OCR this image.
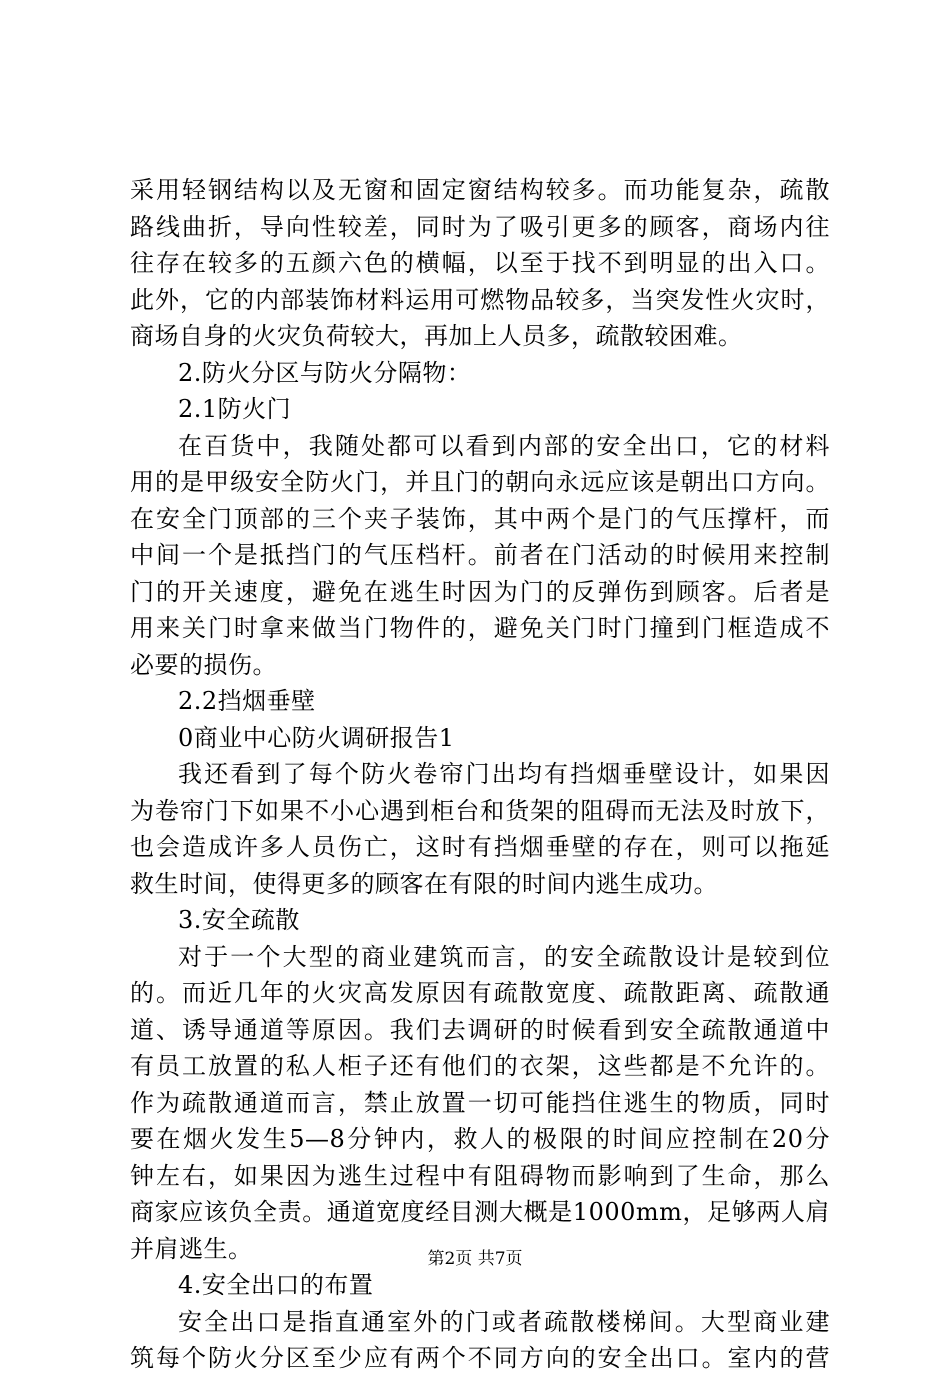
采用轻钢结构以及无窗和固定窗结构较多。而功能复杂，疏散
路线曲折，导向性较差，同时为了吸引更多的顾客，商场内往
往存在较多的五颜六色的横幅，以至于找不到明显的出入口。
此外，它的内部装饰材料运用可燃物品较多，当突发性火灾时，
商场自身的火灾负荷较大，再加上人员多，疏散较困难。
2.防火分区与防火分隔物：
2.1防火门
在百货中，我随处都可以看到内部的安全出口，它的材料
用的是甲级安全防火门，并且门的朝向永远应该是朝出口方向。
在安全门顶部的三个夹子装饰，其中两个是门的气压撑杆，而
中间一个是抵挡门的气压档杆。前者在门活动的时候用来控制
门的开关速度，避免在逃生时因为门的反弹伤到顾客。后者是
用来关门时拿来做当门物件的，避免关门时门撞到门框造成不
必要的损伤。
2.2挡烟垂壁
0商业中心防火调研报告1
我还看到了每个防火卷帘门出均有挡烟垂壁设计，如果因
为卷帘门下如果不小心遇到柜台和货架的阻碍而无法及时放下，
也会造成许多人员伤亡，这时有挡烟垂壁的存在，则可以拖延
救生时间，使得更多的顾客在有限的时间内逃生成功。
3.安全疏散
对于一个大型的商业建筑而言，的安全疏散设计是较到位
的。而近几年的火灾高发原因有疏散宽度、疏散距离、疏散通
道、诱导通道等原因。我们去调研的时候看到安全疏散通道中
有员工放置的私人柜子还有他们的衣架，这些都是不允许的。
作为疏散通道而言，禁止放置一切可能挡住逃生的物质，同时
要在烟火发生5—8分钟内，救人的极限的时间应控制在20分
钟左右，如果因为逃生过程中有阻碍物而影响到了生命，那么
商家应该负全责。通道宽度经目测大概是1000mm，足够两人肩
并肩逃生。
4.安全出口的布置
安全出口是指直通室外的门或者疏散楼梯间。大型商业建
筑每个防火分区至少应有两个不同方向的安全出口。室内的营
第2页 共7页
